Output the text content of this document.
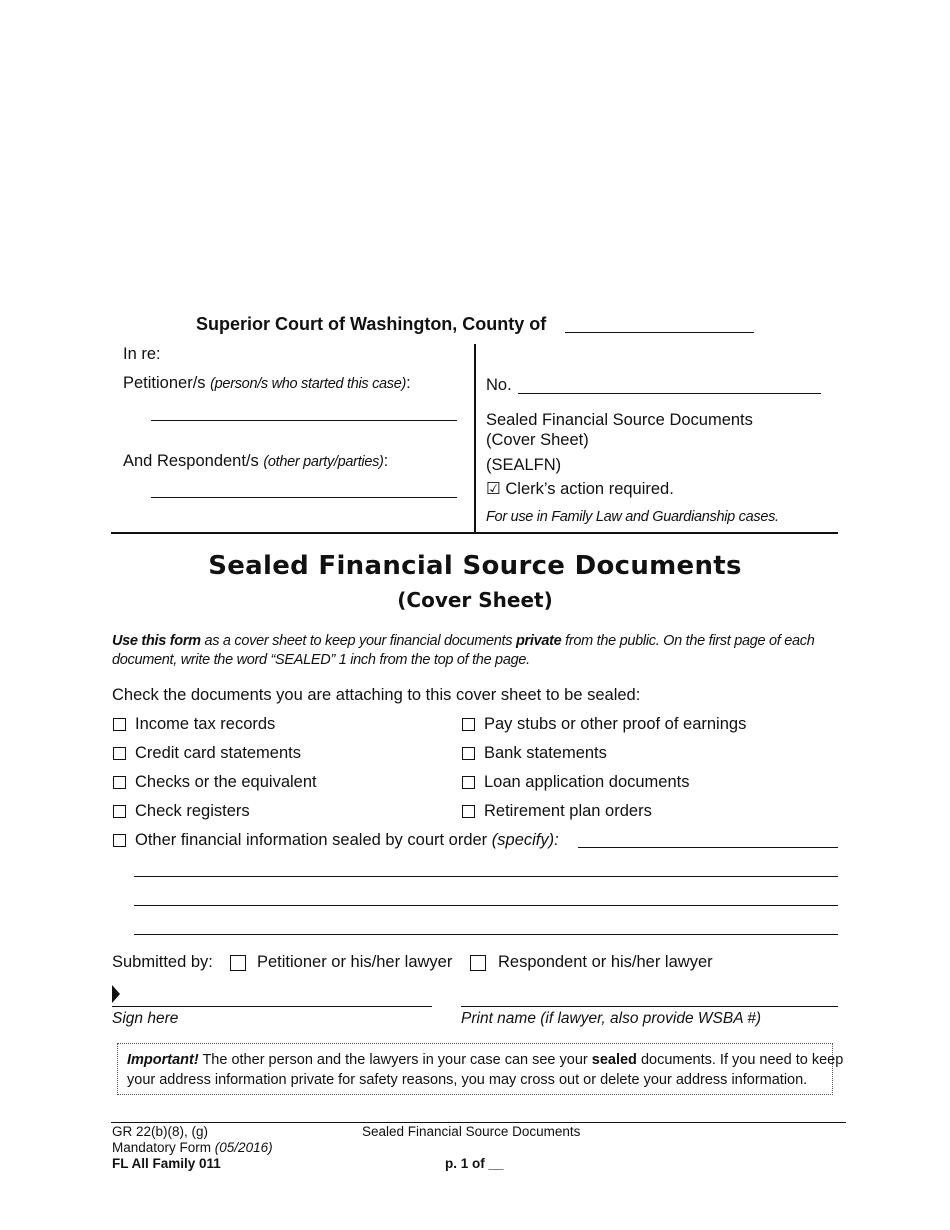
Superior Court of Washington, County of
In re:
Petitioner/s (person/s who started this case):
And Respondent/s (other party/parties):
No.
Sealed Financial Source Documents
(Cover Sheet)
(SEALFN)
☑ Clerk’s action required.
For use in Family Law and Guardianship cases.
Sealed Financial Source Documents
(Cover Sheet)
Use this form as a cover sheet to keep your financial documents private from the public. On the first page of each
document, write the word “SEALED” 1 inch from the top of the page.
Check the documents you are attaching to this cover sheet to be sealed:
Income tax records
Credit card statements
Checks or the equivalent
Check registers
Pay stubs or other proof of earnings
Bank statements
Loan application documents
Retirement plan orders
Other financial information sealed by court order (specify):
Submitted by:	Petitioner or his/her lawyer	Respondent or his/her lawyer
Sign here	Print name (if lawyer, also provide WSBA #)
Important! The other person and the lawyers in your case can see your sealed documents. If you need to keep
your address information private for safety reasons, you may cross out or delete your address information.
GR 22(b)(8), (g)
Mandatory Form (05/2016)
FL All Family 011
Sealed Financial Source Documents
p. 1 of __
